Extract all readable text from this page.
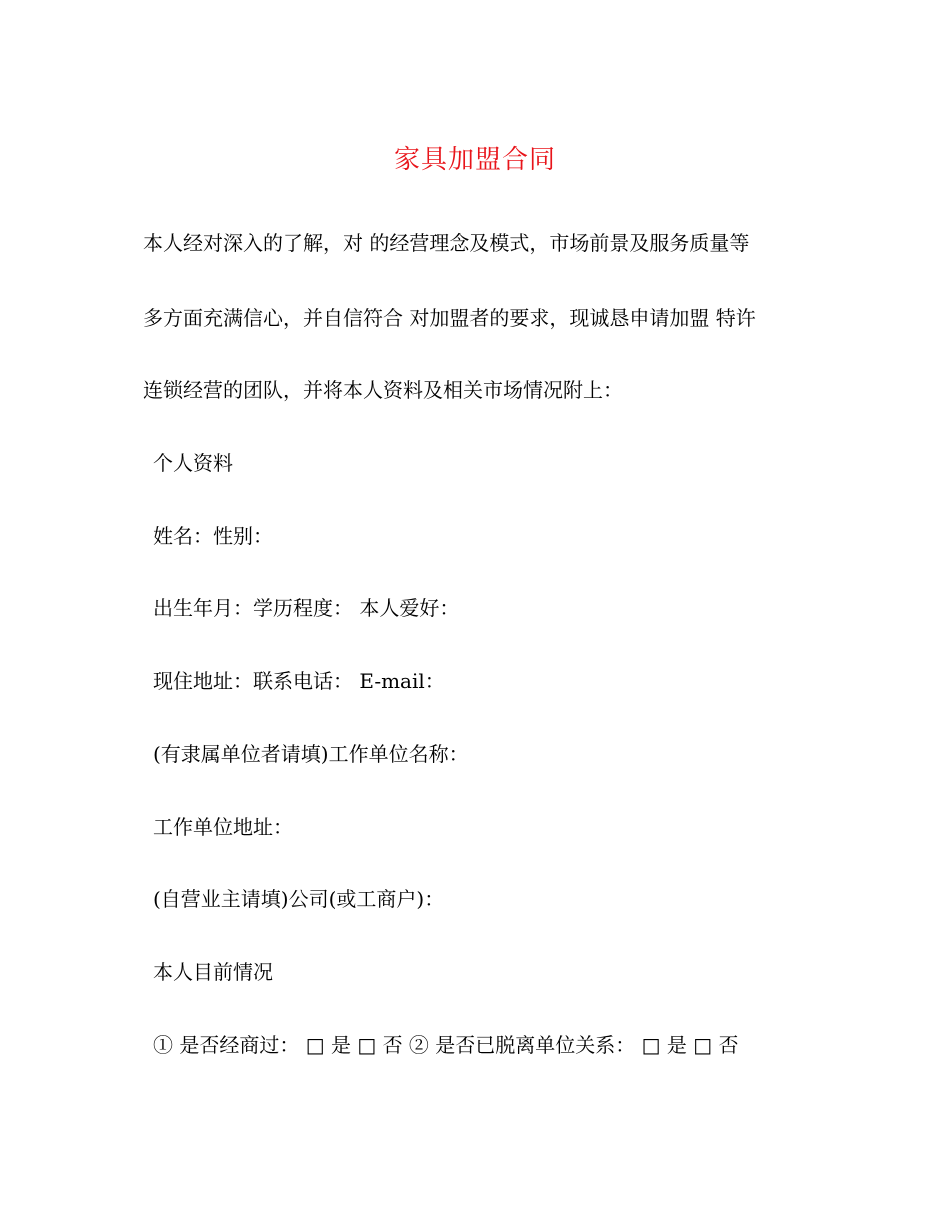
家具加盟合同
本人经对深入的了解，对 的经营理念及模式，市场前景及服务质量等
多方面充满信心，并自信符合 对加盟者的要求，现诚恳申请加盟 特许
连锁经营的团队，并将本人资料及相关市场情况附上：
个人资料
姓名：性别：
出生年月：学历程度： 本人爱好：
现住地址：联系电话： E-mail：
(有隶属单位者请填)工作单位名称：
工作单位地址：
(自营业主请填)公司(或工商户)：
本人目前情况
① 是否经商过： □ 是 □ 否 ② 是否已脱离单位关系： □ 是 □ 否
